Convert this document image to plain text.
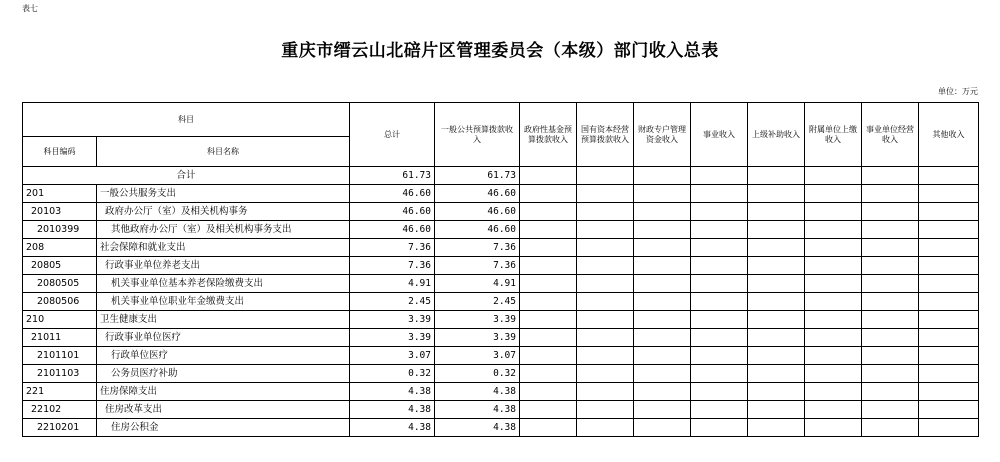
表七
重庆市缙云山北碚片区管理委员会（本级）部门收入总表
单位：万元
科目		总计	一般公共预算拨款收入	政府性基金预算拨款收入	国有资本经营预算拨款收入	财政专户管理资金收入	事业收入	上级补助收入	附属单位上缴收入	事业单位经营收入	其他收入
科目编码	科目名称										
合计		61.73	61.73								
201	一般公共服务支出	46.60	46.60								
20103	政府办公厅（室）及相关机构事务	46.60	46.60								
2010399	其他政府办公厅（室）及相关机构事务支出	46.60	46.60								
208	社会保障和就业支出	7.36	7.36								
20805	行政事业单位养老支出	7.36	7.36								
2080505	机关事业单位基本养老保险缴费支出	4.91	4.91								
2080506	机关事业单位职业年金缴费支出	2.45	2.45								
210	卫生健康支出	3.39	3.39								
21011	行政事业单位医疗	3.39	3.39								
2101101	行政单位医疗	3.07	3.07								
2101103	公务员医疗补助	0.32	0.32								
221	住房保障支出	4.38	4.38								
22102	住房改革支出	4.38	4.38								
2210201	住房公积金	4.38	4.38								
